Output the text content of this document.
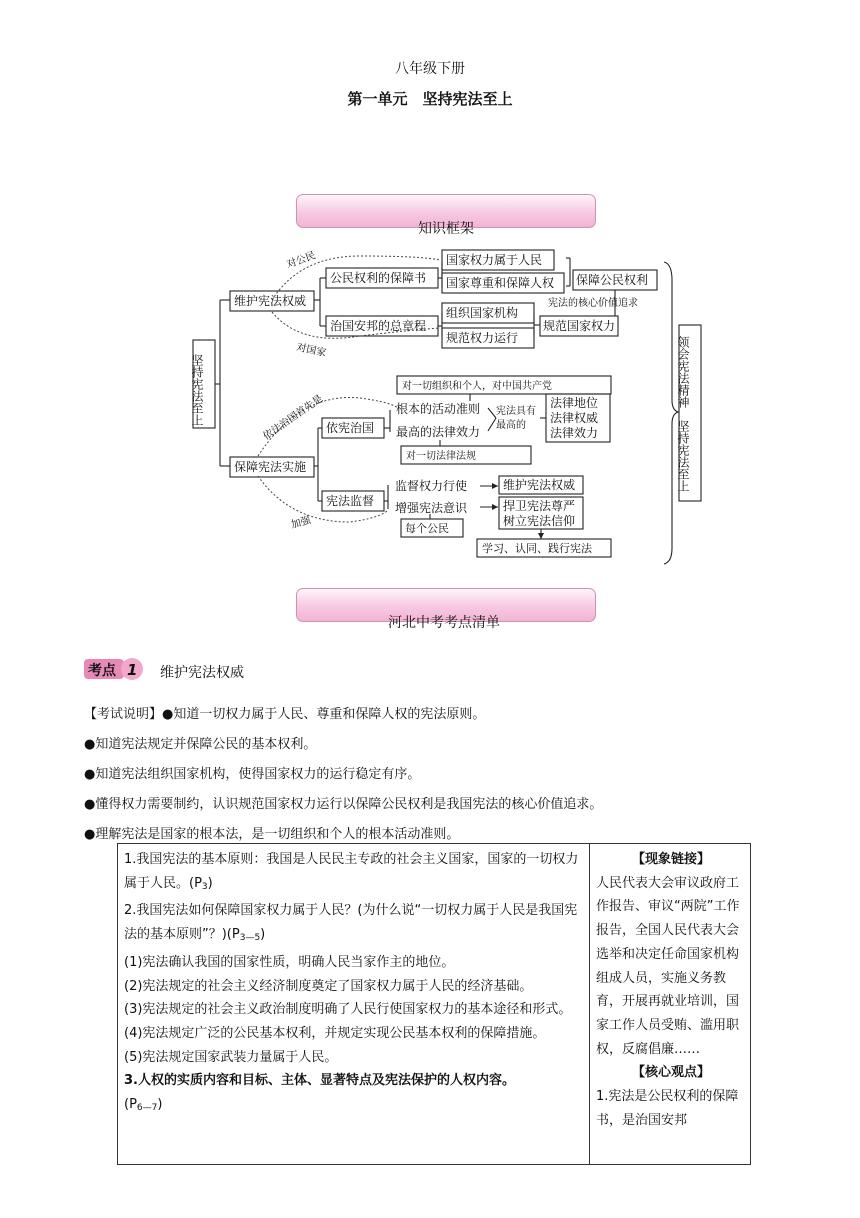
八年级下册
第一单元　坚持宪法至上
知识框架
坚持宪法至上
维护宪法权威
保障宪法实施
公民权利的保障书
治国安邦的总章程
国家权力属于人民
国家尊重和保障人权
组织国家机构
规范权力运行
保障公民权利
规范国家权力
宪法的核心价值追求
对公民
对国家
依宪治国
宪法监督
依法治国首先是
加强
对一切组织和个人，对中国共产党
根本的活动准则
最高的法律效力
对一切法律法规
宪法具有
最高的
法律地位
法律权威
法律效力
监督权力行使
增强宪法意识
每个公民
维护宪法权威
捍卫宪法尊严
树立宪法信仰
学习、认同、践行宪法
领会宪法精神　坚持宪法至上
河北中考考点清单
考点 1 维护宪法权威
【考试说明】●知道一切权力属于人民、尊重和保障人权的宪法原则。
●知道宪法规定并保障公民的基本权利。
●知道宪法组织国家机构，使得国家权力的运行稳定有序。
●懂得权力需要制约，认识规范国家权力运行以保障公民权利是我国宪法的核心价值追求。
●理解宪法是国家的根本法，是一切组织和个人的根本活动准则。

1.我国宪法的基本原则：我国是人民民主专政的社会主义国家，国家的一切权力属于人民。$(P_3)$

2.我国宪法如何保障国家权力属于人民？(为什么说“一切权力属于人民是我国宪法的基本原则”？)$(P_{3—5})$

(1)宪法确认我国的国家性质，明确人民当家作主的地位。

(2)宪法规定的社会主义经济制度奠定了国家权力属于人民的经济基础。

(3)宪法规定的社会主义政治制度明确了人民行使国家权力的基本途径和形式。

(4)宪法规定广泛的公民基本权利，并规定实现公民基本权利的保障措施。

(5)宪法规定国家武装力量属于人民。

3.人权的实质内容和目标、主体、显著特点及宪法保护的人权内容。
$(P_{6—7})$

【现象链接】

人民代表大会审议政府工作报告、审议“两院”工作报告，全国人民代表大会选举和决定任命国家机构组成人员，实施义务教育，开展再就业培训，国家工作人员受贿、滥用职权，反腐倡廉……

【核心观点】

1.宪法是公民权利的保障书，是治国安邦
